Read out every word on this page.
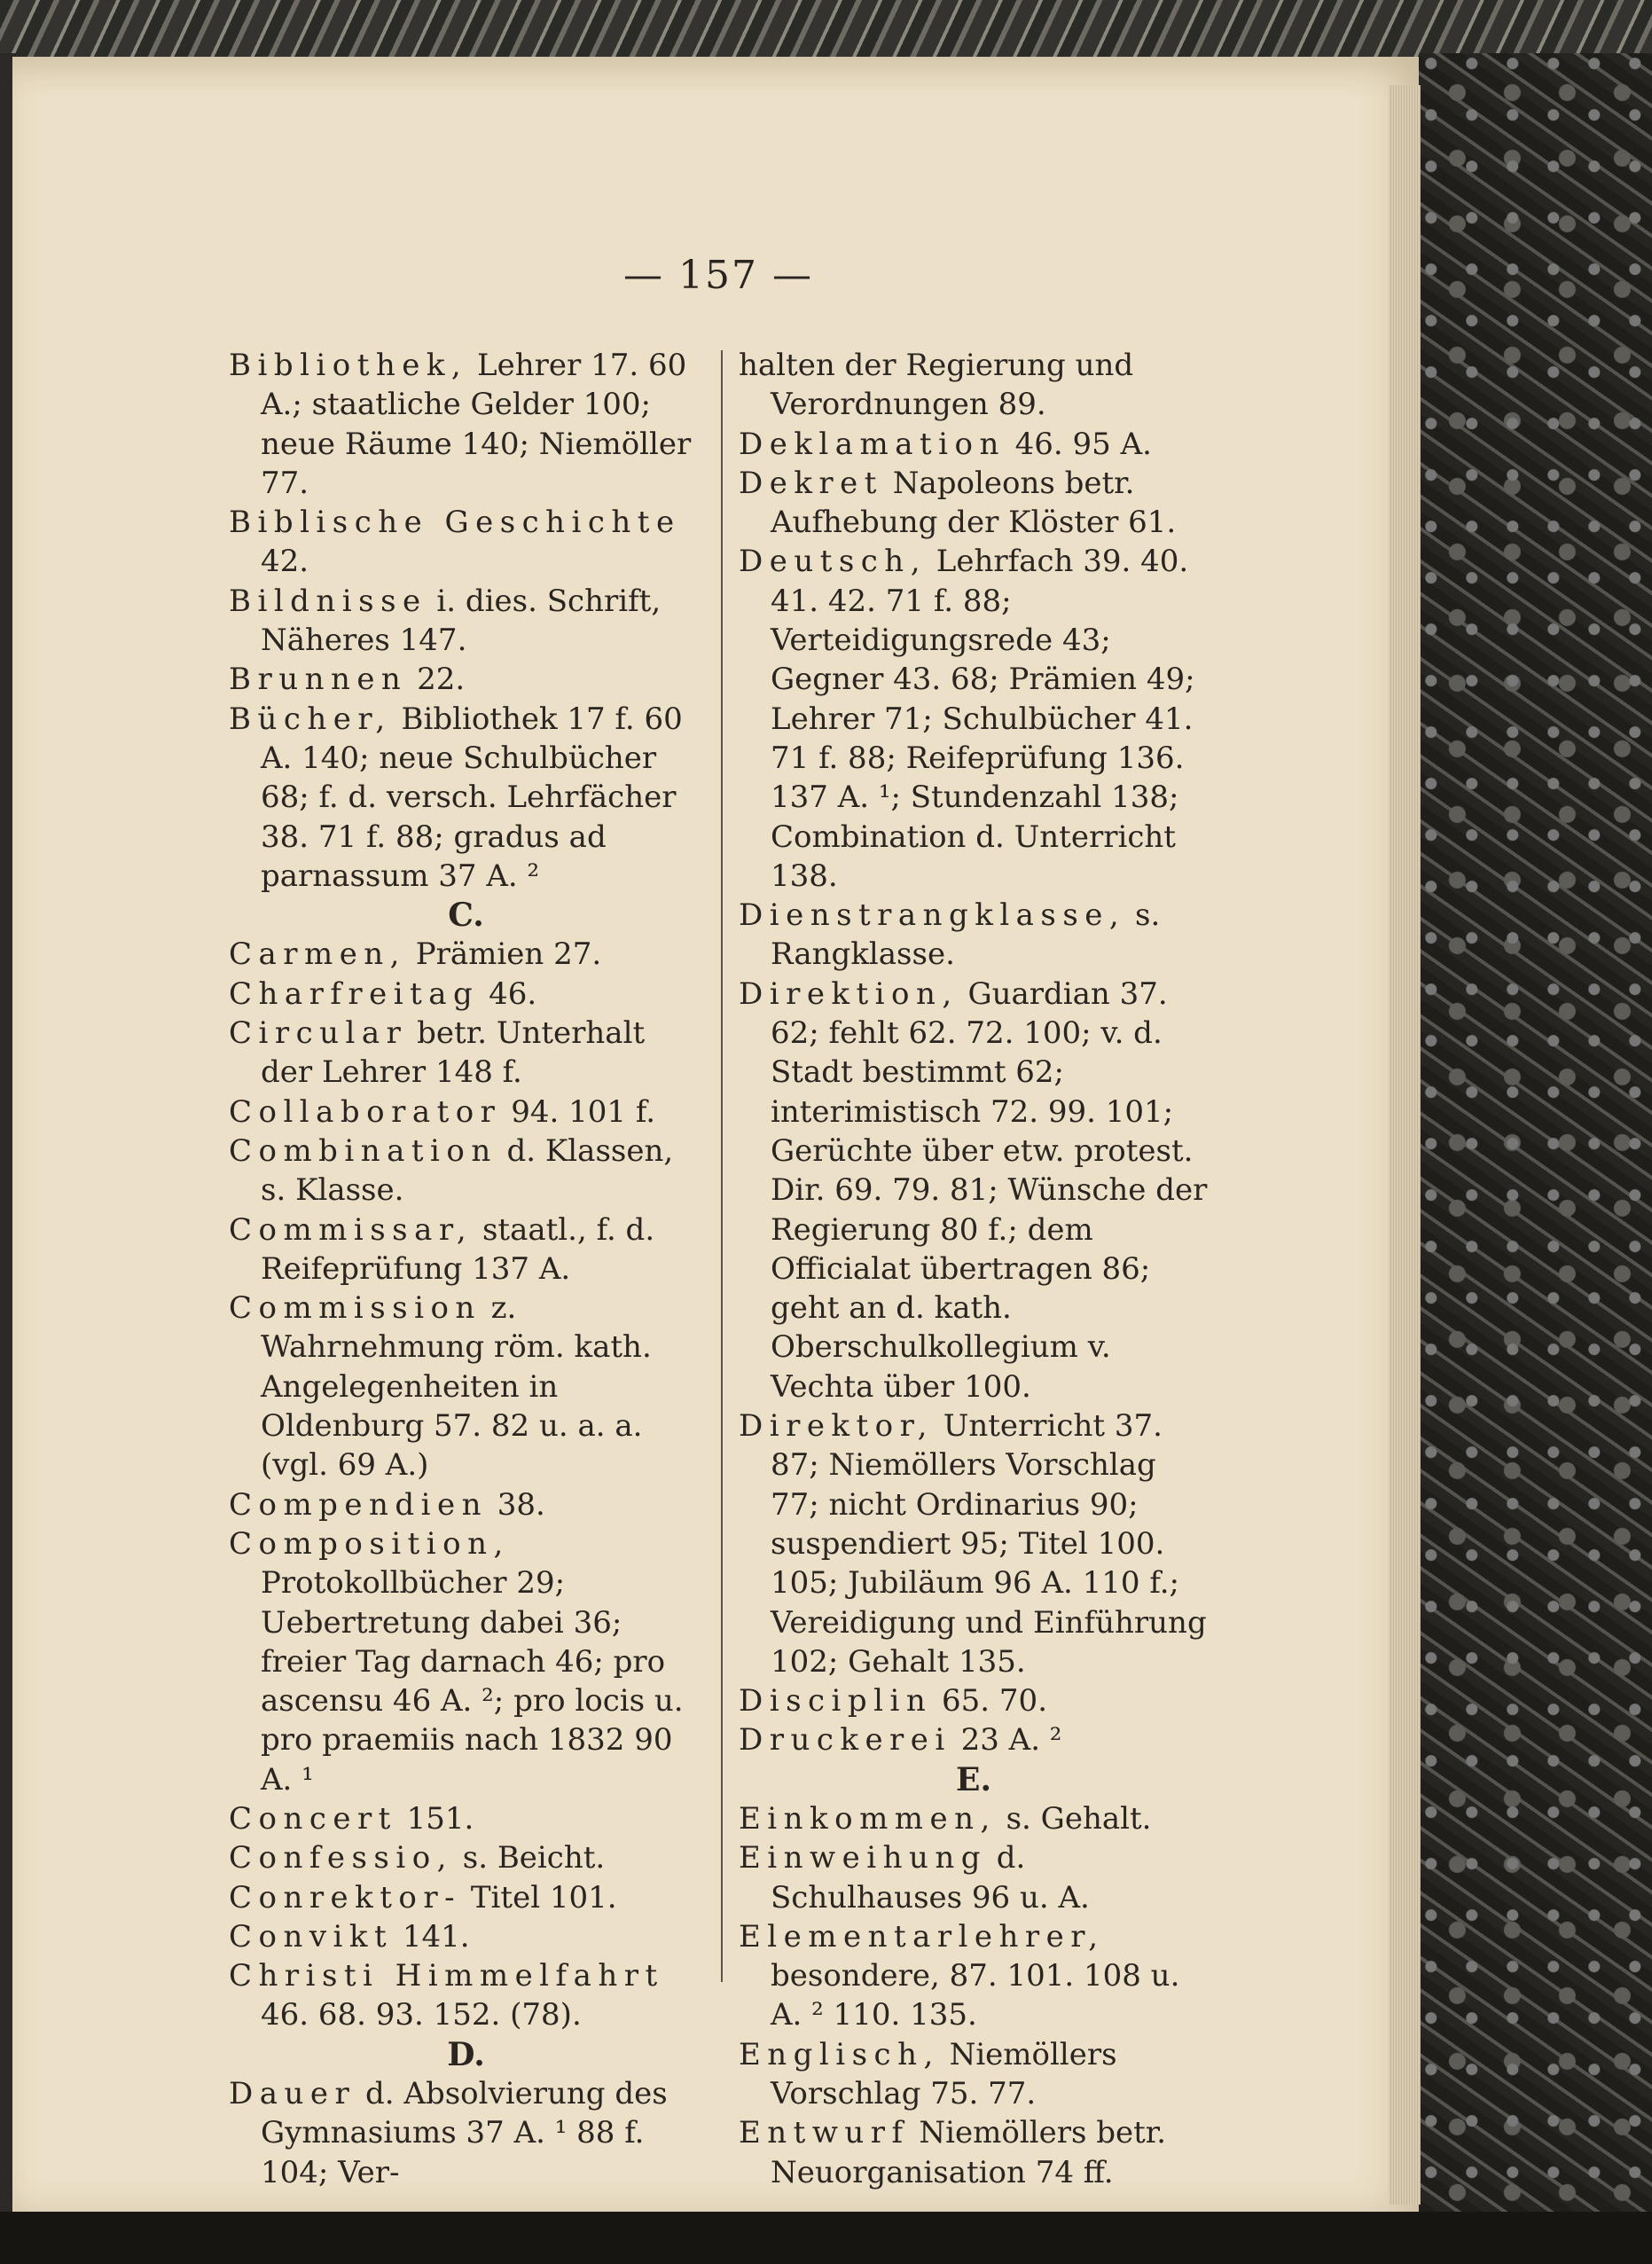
— 157 —

Bibliothek, Lehrer 17. 60 A.; staatliche Gelder 100; neue Räume 140; Niemöller 77.

Biblische Geschichte 42.

Bildnisse i. dies. Schrift, Näheres 147.

Brunnen 22.

Bücher, Bibliothek 17 f. 60 A. 140; neue Schulbücher 68; f. d. versch. Lehrfächer 38. 71 f. 88; gradus ad parnassum 37 A. ²

C.

Carmen, Prämien 27.

Charfreitag 46.

Circular betr. Unterhalt der Lehrer 148 f.

Collaborator 94. 101 f.

Combination d. Klassen, s. Klasse.

Commissar, staatl., f. d. Reifeprüfung 137 A.

Commission z. Wahrnehmung röm. kath. Angelegenheiten in Oldenburg 57. 82 u. a. a. (vgl. 69 A.)

Compendien 38.

Composition, Protokollbücher 29; Uebertretung dabei 36; freier Tag darnach 46; pro ascensu 46 A. ²; pro locis u. pro praemiis nach 1832 90 A. ¹

Concert 151.

Confessio, s. Beicht.

Conrektor- Titel 101.

Convikt 141.

Christi Himmelfahrt 46. 68. 93. 152. (78).

D.

Dauer d. Absolvierung des Gymnasiums 37 A. ¹ 88 f. 104; Ver-

halten der Regierung und Verordnungen 89.

Deklamation 46. 95 A.

Dekret Napoleons betr. Aufhebung der Klöster 61.

Deutsch, Lehrfach 39. 40. 41. 42. 71 f. 88; Verteidigungsrede 43; Gegner 43. 68; Prämien 49; Lehrer 71; Schulbücher 41. 71 f. 88; Reifeprüfung 136. 137 A. ¹; Stundenzahl 138; Combination d. Unterricht 138.

Dienstrangklasse, s. Rangklasse.

Direktion, Guardian 37. 62; fehlt 62. 72. 100; v. d. Stadt bestimmt 62; interimistisch 72. 99. 101; Gerüchte über etw. protest. Dir. 69. 79. 81; Wünsche der Regierung 80 f.; dem Officialat übertragen 86; geht an d. kath. Oberschulkollegium v. Vechta über 100.

Direktor, Unterricht 37. 87; Niemöllers Vorschlag 77; nicht Ordinarius 90; suspendiert 95; Titel 100. 105; Jubiläum 96 A. 110 f.; Vereidigung und Einführung 102; Gehalt 135.

Disciplin 65. 70.

Druckerei 23 A. ²

E.

Einkommen, s. Gehalt.

Einweihung d. Schulhauses 96 u. A.

Elementarlehrer, besondere, 87. 101. 108 u. A. ² 110. 135.

Englisch, Niemöllers Vorschlag 75. 77.

Entwurf Niemöllers betr. Neuorganisation 74 ff.
